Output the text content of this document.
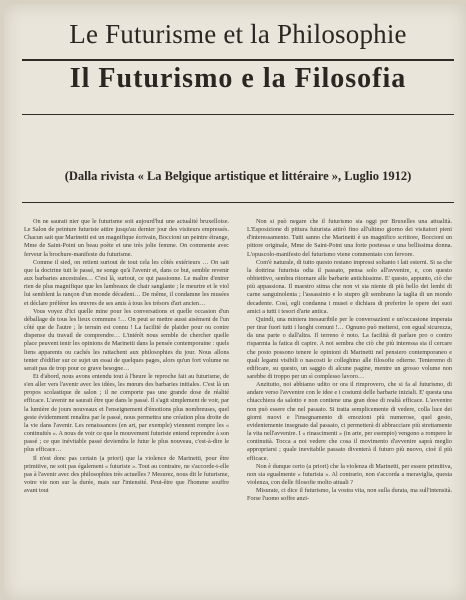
Le Futurisme et la Philosophie
Il Futurismo e la Filosofia
(Dalla rivista « La Belgique artistique et littéraire », Luglio 1912)

On ne saurait nier que le futurisme soit aujourd'hui une actualité bruxelloise. Le Salon de peinture futuriste attire jusqu'au dernier jour des visiteurs empressés. Chacun sait que Marinetti est un magnifique écrivain, Boccioni un peintre étrange, Mme de Saint-Point un beau poète et une très jolie femme. On commente avec ferveur la brochure-manifeste du futurisme.

Comme il sied, on retient surtout de tout cela les côtés extérieurs … On sait que la doctrine tuit le passé, ne songe qu'à l'avenir et, dans ce but, semble revenir aux barbaries ancestrales… C'est là, surtout, ce qui passionne. Le maître d'entrer rien de plus magnifique que les lambeaux de chair sanglante ; le meurtre et le viol lui semblent la rançon d'un monde décadent… De même, il condamne les musées et déclare préférer les œuvres de ses amis à tous les trésors d'art ancien…

Vous voyez d'ici quelle mine pour les conversations et quelle occasion d'un déballage de tous les lieux communs !… On peut se mettre aussi aisément de l'un côté que de l'autre ; le terrain est connu ! La facilité de plaider pour ou contre dispense du travail de comprendre… L'intérêt nous semble de chercher quelle place peuvent tenir les opinions de Marinetti dans la pensée contemporaine : quels liens apparents ou cachés les rattachent aux philosophies du jour. Nous allons tenter d'édifier sur ce sujet un essai de quelques pages, alors qu'un fort volume ne serait pas de trop pour ce grave besogne…

Et d'abord, nous avons entendu tout à l'heure le reproche fait au futurisme, de s'en aller vers l'avenir avec les idées, les mœurs des barbaries initiales. C'est là un propos scolastique de salon ; il ne comporte pas une grande dose de réalité efficace. L'avenir ne saurait être que dans le passé. Il s'agit simplement de voir, par la lumière de jours nouveaux et l'enseignement d'émotions plus nombreuses, quel geste évidemment renaîtra par le passé, nous permettra une création plus droite de la vie dans l'avenir. Les renaissances (en art, par exemple) viennent rompre les « continuités ». A nous de voir ce que le mouvement futuriste entend reprendre à son passé ; ce que inévitable passé deviendra le futur le plus nouveau, c'est-à-dire le plus efficace…

Il n'est donc pas certain (a priori) que la violence de Marinetti, pour être primitive, ne soit pas également « futuriste ». Tout au contraire, ne s'accorde-t-elle pas à l'avenir avec des philosophies très actuelles ? Mesurez, nous dit le futurisme, votre vie non sur la durée, mais sur l'intensité. Peut-être que l'homme souffre avant tout

Non si può negare che il futurismo sia oggi per Bruxelles una attualità. L'Esposizione di pittura futurista attirò fino all'ultimo giorno dei visitatori pieni d'interessamento. Tutti sanno che Marinetti è un magnifico scrittore, Boccioni un pittore originale, Mme de Saint-Point una forte poetessa e una bellissima donna. L'opuscolo-manifesto del futurismo viene commentato con fervore.

Com'è naturale, di tutto questo restano impressi soltanto i lati esterni. Si sa che la dottrina futurista odia il passato, pensa solo all'avvenire, e, con questo obbiettivo, sembra ritornare alle barbarie antichissime. E' questo, appunto, ciò che più appassiona. Il maestro stima che non vi sia niente di più bello dei lembi di carne sanguinolenta ; l'assassinio e lo stupro gli sembrano la taglia di un mondo decadente. Così, egli condanna i musei e dichiara di preferire le opere dei suoi amici a tutti i tesori d'arte antica.

Quindi, una miniera inesauribile per le conversazioni e un'occasione imperata per tirar fuori tutti i luoghi comuni !… Ognuno può mettersi, con egual sicurezza, da una parte o dall'altra. Il terreno è noto. La facilità di parlare pro o contro risparmia la fatica di capire. A noi sembra che ciò che più interessa sia il cercare che posto possono tenere le opinioni di Marinetti nel pensiero contemporaneo e quali legami visibili o nascosti le colleghino alle filosofie odierne. Tenteremo di edificare, su questo, un saggio di alcune pagine, mentre un grosso volume non sarebbe di troppo per un sì complesso lavoro…

Anzitutto, noi abbiamo udito or ora il rimprovero, che si fa al futurismo, di andare verso l'avvenire con le idee e i costumi delle barbarie iniziali. E' questa una chiacchiera da salotto e non contiene una gran dose di realtà efficace. L'avvenire non può essere che nel passato. Si tratta semplicemente di vedere, colla luce dei giorni nuovi e l'insegnamento di emozioni più numerose, quel gesto, evidentemente insegnato dal passato, ci permetterà di abbracciare più strettamente la vita nell'avvenire. I « rinascimenti » (in arte, per esempio) vengono a rompere le continuità. Tocca a noi vedere che cosa il movimento d'avvenire saprà meglio appropriarsi ; quale inevitabile passato diventerà il futuro più nuovo, cioè il più efficace.

Non è dunque certo (a priori) che la violenza di Marinetti, per essere primitiva, non sia egualmente « futurista ». Al contrario, non s'accorda a meraviglia, questa violenza, con delle filosofie molto attuali ?

Misurate, ci dice il futurismo, la vostra vita, non sulla durata, ma sull'intensità. Forse l'uomo soffre anzi-
